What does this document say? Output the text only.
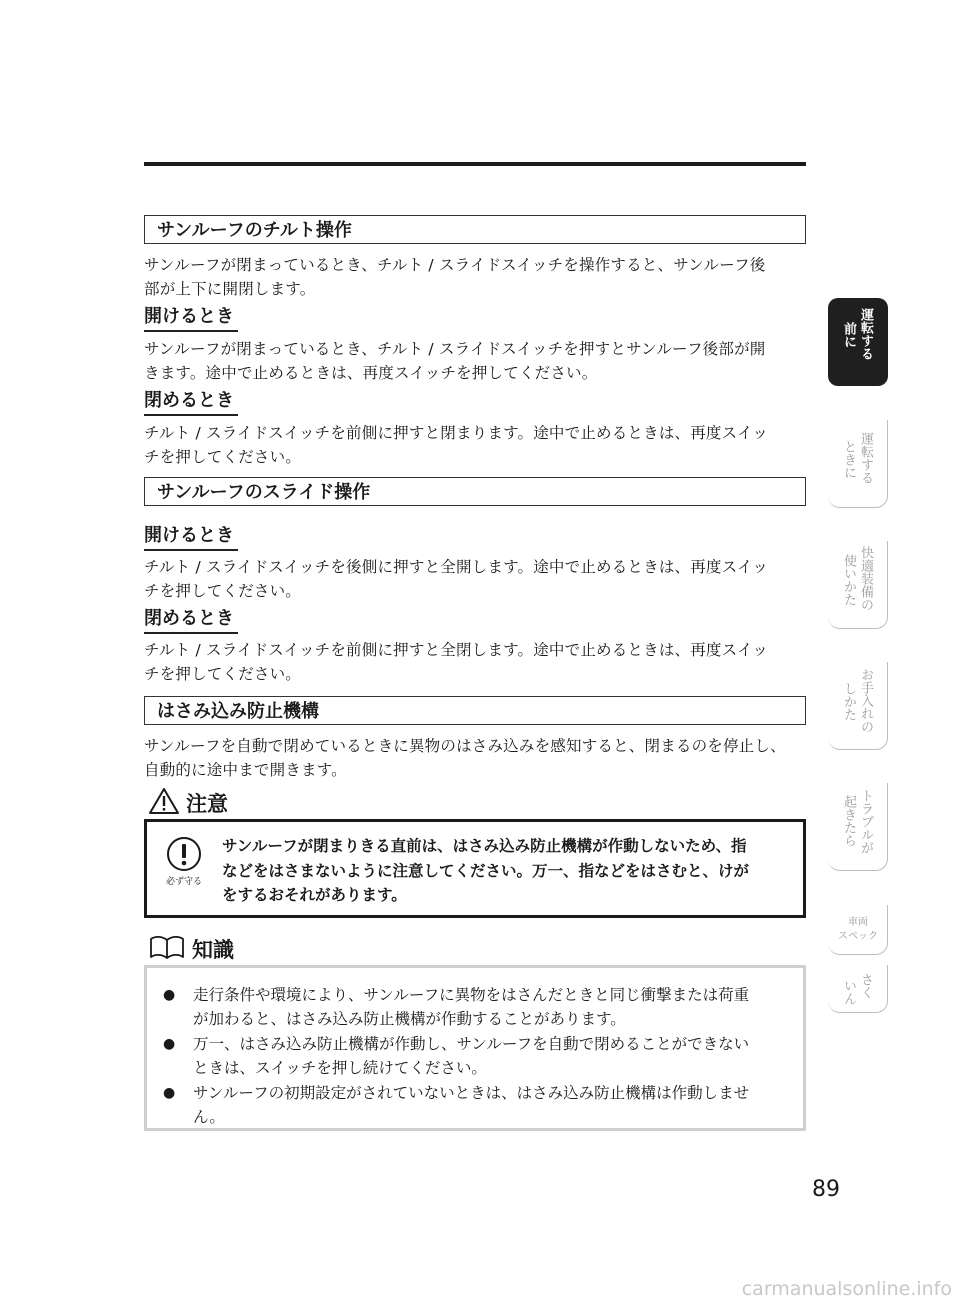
サンルーフのチルト操作
サンルーフが閉まっているとき、チルト / スライドスイッチを操作すると、サンルーフ後
部が上下に開閉します。
開けるとき
サンルーフが閉まっているとき、チルト / スライドスイッチを押すとサンルーフ後部が開
きます。途中で止めるときは、再度スイッチを押してください。
閉めるとき
チルト / スライドスイッチを前側に押すと閉まります。途中で止めるときは、再度スイッ
チを押してください。
サンルーフのスライド操作
開けるとき
チルト / スライドスイッチを後側に押すと全開します。途中で止めるときは、再度スイッ
チを押してください。
閉めるとき
チルト / スライドスイッチを前側に押すと全閉します。途中で止めるときは、再度スイッ
チを押してください。
はさみ込み防止機構
サンルーフを自動で閉めているときに異物のはさみ込みを感知すると、閉まるのを停止し、
自動的に途中まで開きます。
注意
必ず守る
サンルーフが閉まりきる直前は、はさみ込み防止機構が作動しないため、指
などをはさまないように注意してください。万一、指などをはさむと、けが
をするおそれがあります。
知識
● 走行条件や環境により、サンルーフに異物をはさんだときと同じ衝撃または荷重
が加わると、はさみ込み防止機構が作動することがあります。
● 万一、はさみ込み防止機構が作動し、サンルーフを自動で閉めることができない
ときは、スイッチを押し続けてください。
● サンルーフの初期設定がされていないときは、はさみ込み防止機構は作動しませ
ん。
89
運転する
前に
運転する
ときに
快適装備の
使いかた
お手入れの
しかた
トラブルが
起きたら
車両
スペック
さく
いん
carmanualsonline.info
